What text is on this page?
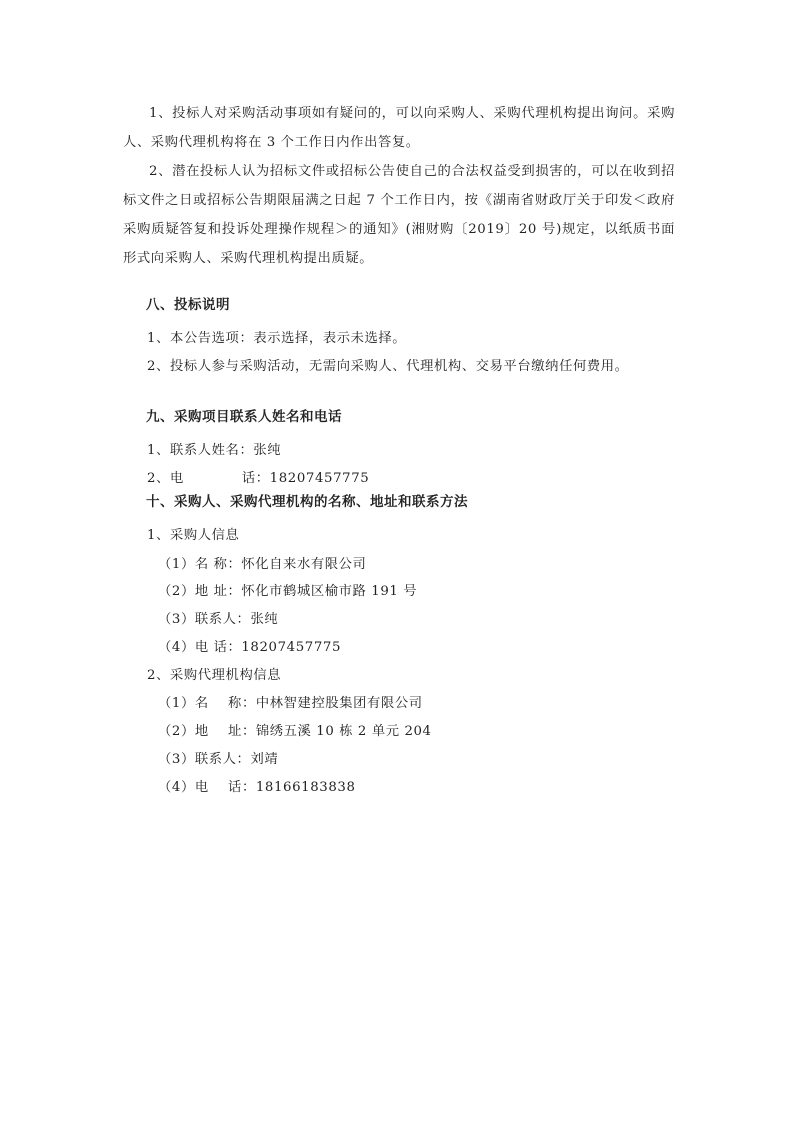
1、投标人对采购活动事项如有疑问的，可以向采购人、采购代理机构提出询问。采购人、采购代理机构将在 3 个工作日内作出答复。

2、潜在投标人认为招标文件或招标公告使自己的合法权益受到损害的，可以在收到招标文件之日或招标公告期限届满之日起 7 个工作日内，按《湖南省财政厅关于印发＜政府采购质疑答复和投诉处理操作规程＞的通知》(湘财购〔2019〕20 号)规定，以纸质书面形式向采购人、采购代理机构提出质疑。

八、投标说明
1、本公告选项：表示选择，表示未选择。
2、投标人参与采购活动，无需向采购人、代理机构、交易平台缴纳任何费用。
九、采购项目联系人姓名和电话
1、联系人姓名：张纯
2、电	话：18207457775
十、采购人、采购代理机构的名称、地址和联系方法
1、采购人信息
（1）名 称：怀化自来水有限公司
（2）地 址：怀化市鹤城区榆市路 191 号
（3）联系人：张纯
（4）电 话：18207457775
2、采购代理机构信息
（1）名    称：中林智建控股集团有限公司
（2）地    址：锦绣五溪 10 栋 2 单元 204
（3）联系人：刘靖
（4）电    话：18166183838
